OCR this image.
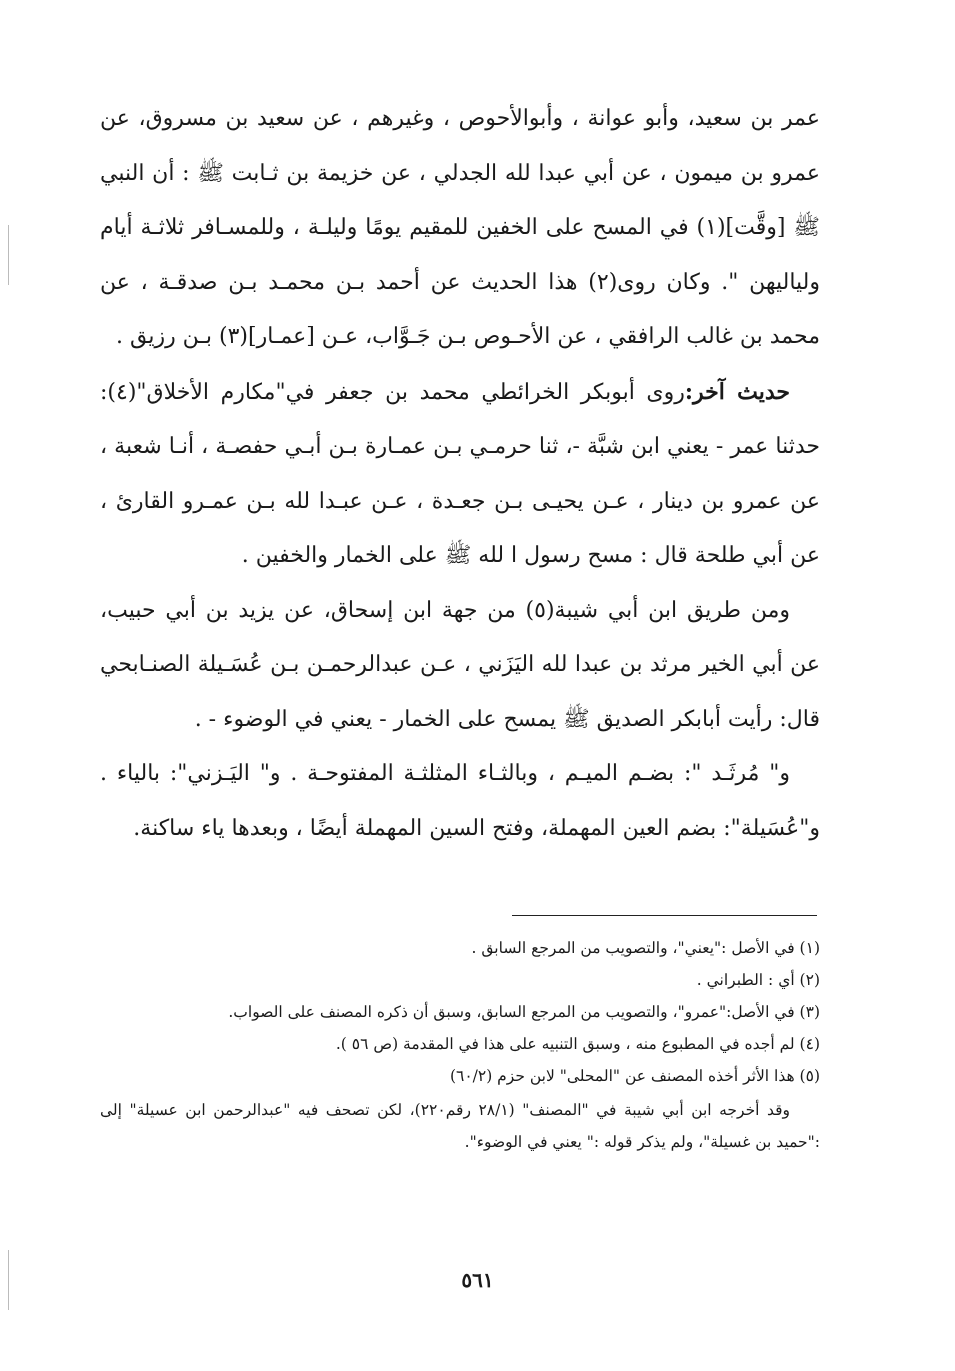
عمر بن سعيد، وأبو عوانة ، وأبوالأحوص ، وغيرهم ، عن سعيد بن مسروق، عن عمرو بن ميمون ، عن أبي عبدا لله الجدلي ، عن خزيمة بن ثـابت ﷺ : أن النبي ﷺ [وقَّت](١) في المسح على الخفين للمقيم يومًا وليلـة ، وللمسـافر ثلاثـة أيام ولياليهن ". وكان روى(٢) هذا الحديث عن أحمد بـن محمـد بـن صدقـة ، عن محمد بن غالب الرافقي ، عن الأحـوص بـن جَـوَّاب، عـن [عمـار](٣) بـن رزيق .

حديث آخر:روى أبوبكر الخرائطي محمد بن جعفر في"مكارم الأخلاق"(٤): حدثنا عمر - يعني ابن شبَّة -، ثنا حرمـي بـن عمـارة بـن أبـي حفصـة ، أنـا شعبة ، عن عمرو بن دينار ، عـن يحيـى بـن جعـدة ، عـن عبـدا لله بـن عمـرو القارئ ، عن أبي طلحة قال : مسح رسول ا لله ﷺ على الخمار والخفين .

ومن طريق ابن أبي شيبة(٥) من جهة ابن إسحاق، عن يزيد بن أبي حبيب، عن أبي الخير مرثد بن عبدا لله اليَزَني ، عـن عبدالرحمـن بـن عُسَـيلة الصنـابحي قال: رأيت أبابكر الصديق ﷺ يمسح على الخمار - يعني في الوضوء - .

و" مُرثَـد ": بضـم الميـم ، وبالثـاء المثلثـة المفتوحـة . و" اليَـزني": بالياء . و"عُسَيلة": بضم العين المهملة، وفتح السين المهملة أيضًا ، وبعدها ياء ساكنة.

(١) في الأصل :"يعني"، والتصويب من المرجع السابق .

(٢) أي : الطبراني .

(٣) في الأصل:"عمرو"، والتصويب من المرجع السابق، وسبق أن ذكره المصنف على الصواب.

(٤) لم أجده في المطبوع منه ، وسبق التنبيه على هذا في المقدمة (ص ٥٦ ).

(٥) هذا الأثر أخذه المصنف عن "المحلى" لابن حزم (٦٠/٢)

وقد أخرجه ابن أبي شيبة في "المصنف" (٢٨/١ رقم٢٢٠)، لكن تصحف فيه "عبدالرحمن ابن عسيلة" إلى :"حميد بن غسيلة"، ولم يذكر قوله :" يعني في الوضوء".

٥٦١
